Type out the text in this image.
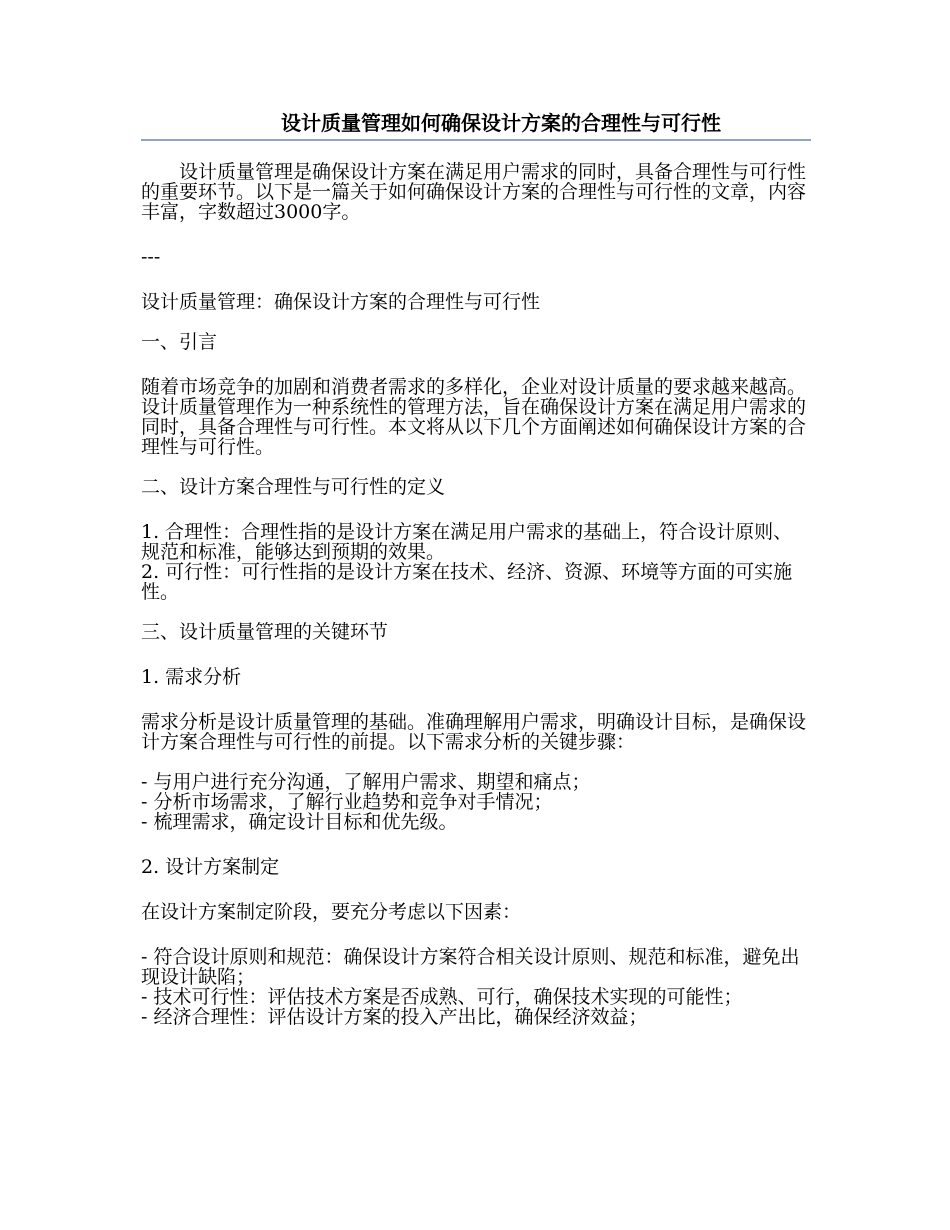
设计质量管理如何确保设计方案的合理性与可行性

设计质量管理是确保设计方案在满足用户需求的同时，具备合理性与可行性的重要环节。以下是一篇关于如何确保设计方案的合理性与可行性的文章，内容丰富，字数超过3000字。

---

设计质量管理：确保设计方案的合理性与可行性

一、引言

随着市场竞争的加剧和消费者需求的多样化，企业对设计质量的要求越来越高。设计质量管理作为一种系统性的管理方法，旨在确保设计方案在满足用户需求的同时，具备合理性与可行性。本文将从以下几个方面阐述如何确保设计方案的合理性与可行性。

二、设计方案合理性与可行性的定义

1. 合理性：合理性指的是设计方案在满足用户需求的基础上，符合设计原则、规范和标准，能够达到预期的效果。

2. 可行性：可行性指的是设计方案在技术、经济、资源、环境等方面的可实施性。

三、设计质量管理的关键环节

1. 需求分析

需求分析是设计质量管理的基础。准确理解用户需求，明确设计目标，是确保设计方案合理性与可行性的前提。以下需求分析的关键步骤：

- 与用户进行充分沟通，了解用户需求、期望和痛点；

- 分析市场需求，了解行业趋势和竞争对手情况；

- 梳理需求，确定设计目标和优先级。

2. 设计方案制定

在设计方案制定阶段，要充分考虑以下因素：

- 符合设计原则和规范：确保设计方案符合相关设计原则、规范和标准，避免出现设计缺陷；

- 技术可行性：评估技术方案是否成熟、可行，确保技术实现的可能性；

- 经济合理性：评估设计方案的投入产出比，确保经济效益；
